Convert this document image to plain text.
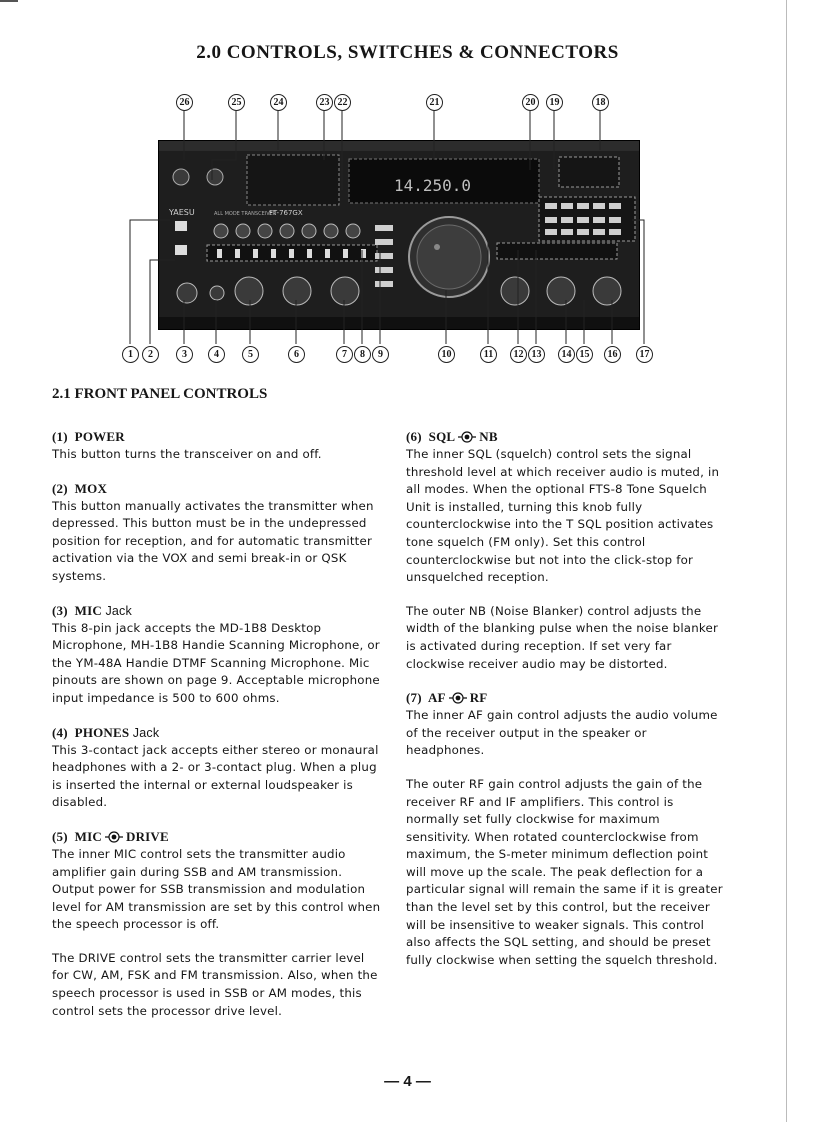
2.0 CONTROLS, SWITCHES & CONNECTORS
26	25	24	23 22	21	20	19	18
14.250.0
YAESU	ALL MODE TRANSCEIVER
FT-767GX
1	2	3	4	5	6	7	8	9	10	11	12 13	14 15	16	17
2.1 FRONT PANEL CONTROLS
(1) POWER
This button turns the transceiver on and off.
(2) MOX
This button manually activates the transmitter when depressed. This button must be in the undepressed position for reception, and for automatic transmitter activation via the VOX and semi break-in or QSK systems.
(3) MIC Jack
This 8-pin jack accepts the MD-1B8 Desktop Microphone, MH-1B8 Handie Scanning Microphone, or the YM-48A Handie DTMF Scanning Microphone. Mic pinouts are shown on page 9. Acceptable microphone input impedance is 500 to 600 ohms.
(4) PHONES Jack
This 3-contact jack accepts either stereo or monaural headphones with a 2- or 3-contact plug. When a plug is inserted the internal or external loudspeaker is disabled.
(5) MIC DRIVE

The inner MIC control sets the transmitter audio amplifier gain during SSB and AM transmission. Output power for SSB transmission and modulation level for AM transmission are set by this control when the speech processor is off.

The DRIVE control sets the transmitter carrier level for CW, AM, FSK and FM transmission. Also, when the speech processor is used in SSB or AM modes, this control sets the processor drive level.

(6) SQL NB

The inner SQL (squelch) control sets the signal threshold level at which receiver audio is muted, in all modes. When the optional FTS-8 Tone Squelch Unit is installed, turning this knob fully counterclockwise into the T SQL position activates tone squelch (FM only). Set this control counterclockwise but not into the click-stop for unsquelched reception.

The outer NB (Noise Blanker) control adjusts the width of the blanking pulse when the noise blanker is activated during reception. If set very far clockwise receiver audio may be distorted.

(7) AF RF

The inner AF gain control adjusts the audio volume of the receiver output in the speaker or headphones.

The outer RF gain control adjusts the gain of the receiver RF and IF amplifiers. This control is normally set fully clockwise for maximum sensitivity. When rotated counterclockwise from maximum, the S-meter minimum deflection point will move up the scale. The peak deflection for a particular signal will remain the same if it is greater than the level set by this control, but the receiver will be insensitive to weaker signals. This control also affects the SQL setting, and should be preset fully clockwise when setting the squelch threshold.

— 4 —
